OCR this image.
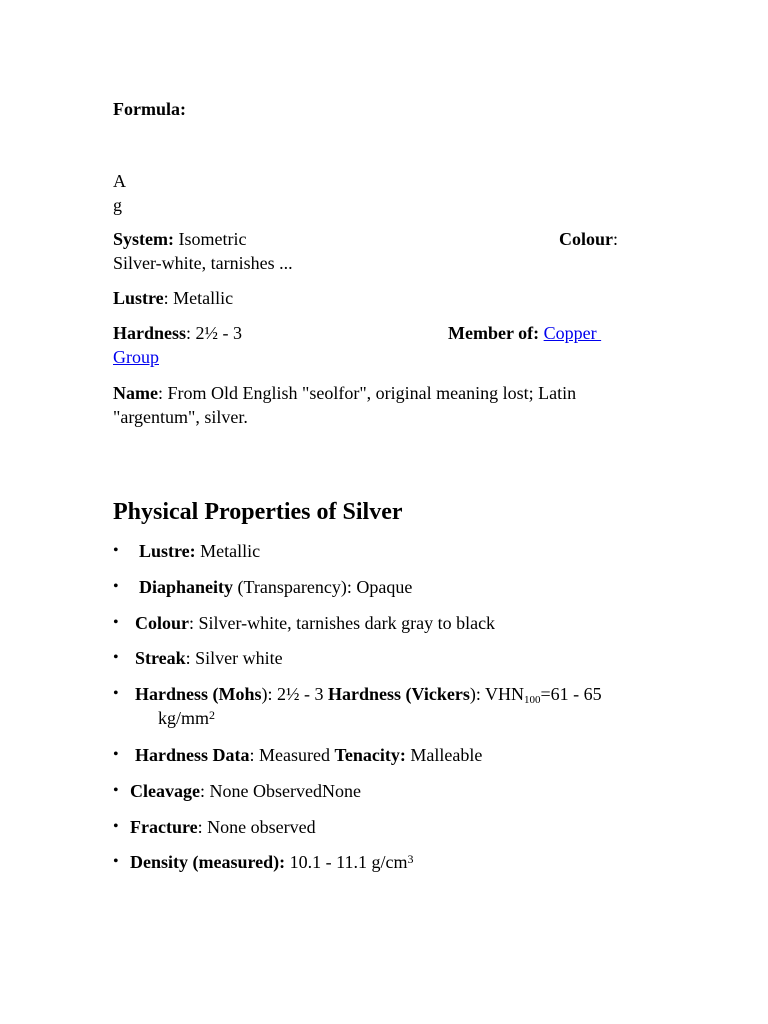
Formula:
A
g
System: Isometric	Colour:
Silver-white, tarnishes ...
Lustre: Metallic
Hardness: 2½ - 3	Member of: Copper
Group
Name: From Old English "seolfor", original meaning lost; Latin
"argentum", silver.
Physical Properties of Silver
• Lustre: Metallic
• Diaphaneity (Transparency): Opaque
• Colour: Silver-white, tarnishes dark gray to black
• Streak: Silver white
• Hardness (Mohs): 2½ - 3 Hardness (Vickers): $VHN_{100}=61 - 65$
$kg/mm^2$
• Hardness Data: Measured Tenacity: Malleable
• Cleavage: None ObservedNone
• Fracture: None observed
• Density (measured): 10.1 - 11.1 $g/cm^3$
